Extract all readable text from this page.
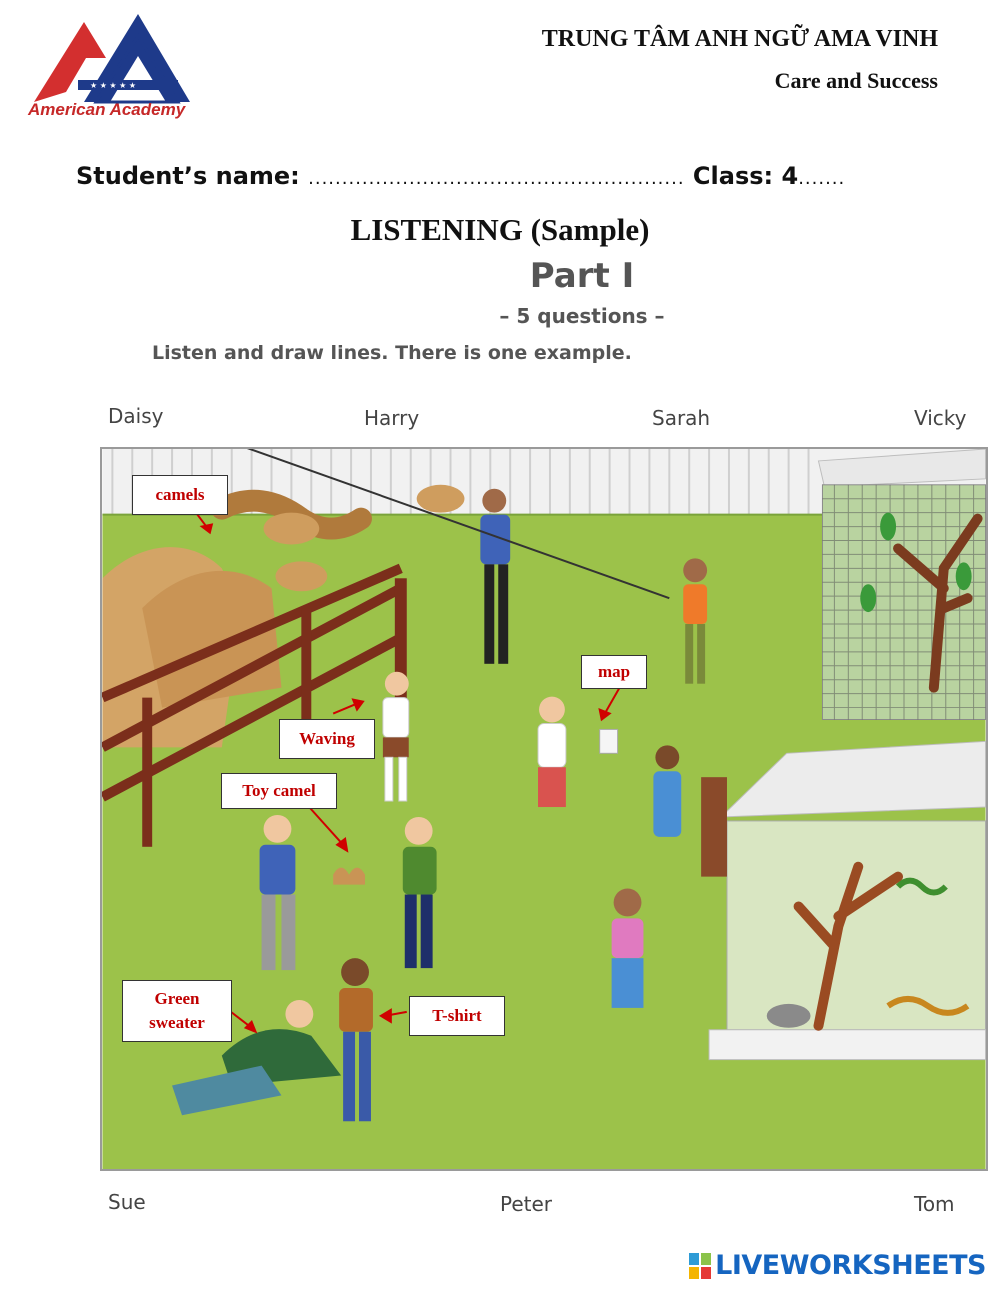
★ ★ ★ ★ ★
American Academy
TRUNG TÂM ANH NGỮ AMA VINH
Care and Success
Student’s name: ........................................................ Class: 4.......
LISTENING (Sample)
Part I
– 5 questions –
Listen and draw lines. There is one example.
Daisy	Harry	Sarah	Vicky
camels
map
Waving
Toy camel
Green
sweater	T-shirt
Sue	Peter	Tom
LIVEWORKSHEETS
